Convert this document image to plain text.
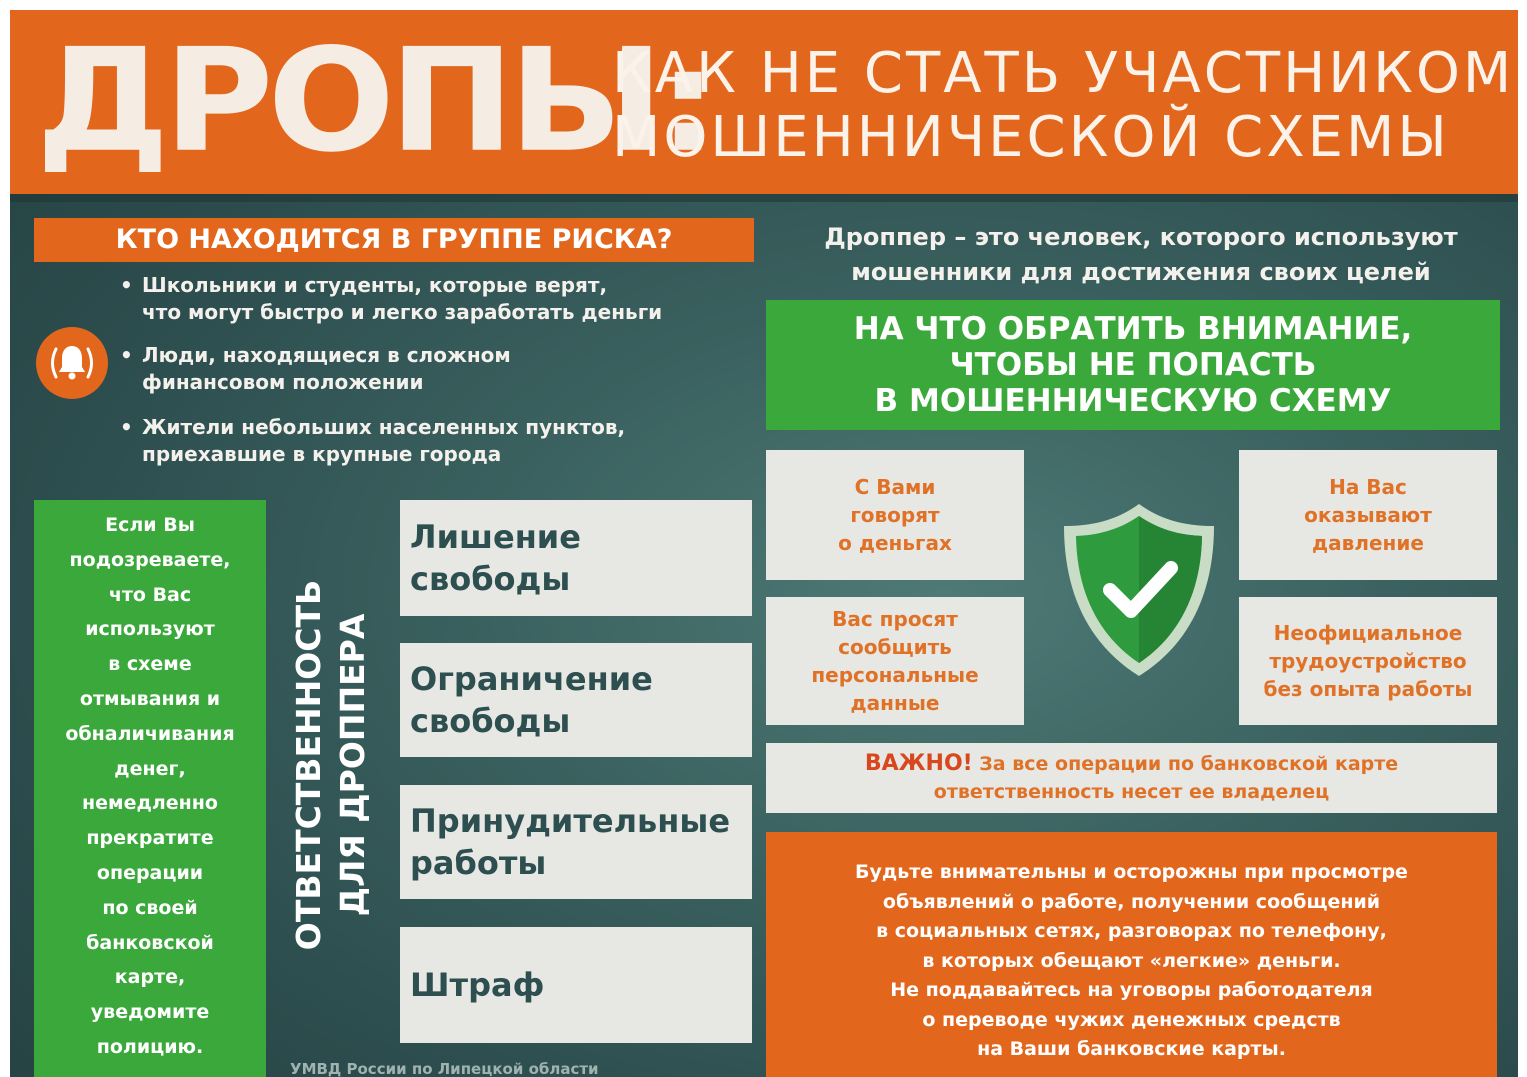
ДРОПЫ:
КАК НЕ СТАТЬ УЧАСТНИКОМ
МОШЕННИЧЕСКОЙ СХЕМЫ
КТО НАХОДИТСЯ В ГРУППЕ РИСКА?
• Школьники и студенты, которые верят,
что могут быстро и легко заработать деньги
• Люди, находящиеся в сложном
финансовом положении
• Жители небольших населенных пунктов,
приехавшие в крупные города
Дроппер – это человек, которого используют
мошенники для достижения своих целей
НА ЧТО ОБРАТИТЬ ВНИМАНИЕ,
ЧТОБЫ НЕ ПОПАСТЬ
В МОШЕННИЧЕСКУЮ СХЕМУ
С Вами
говорят
о деньгах
На Вас
оказывают
давление
Вас просят
сообщить
персональные
данные
Неофициальное
трудоустройство
без опыта работы
ВАЖНО! За все операции по банковской карте
ответственность несет ее владелец
Будьте внимательны и осторожны при просмотре
объявлений о работе, получении сообщений
в социальных сетях, разговорах по телефону,
в которых обещают «легкие» деньги.
Не поддавайтесь на уговоры работодателя
о переводе чужих денежных средств
на Ваши банковские карты.
Если Вы
подозреваете,
что Вас
используют
в схеме
отмывания и
обналичивания
денег,
немедленно
прекратите
операции
по своей
банковской
карте,
уведомите
полицию.
ОТВЕТСТВЕННОСТЬ ДЛЯ ДРОППЕРА
Лишение
свободы
Ограничение
свободы
Принудительные
работы
Штраф
УМВД России по Липецкой области
